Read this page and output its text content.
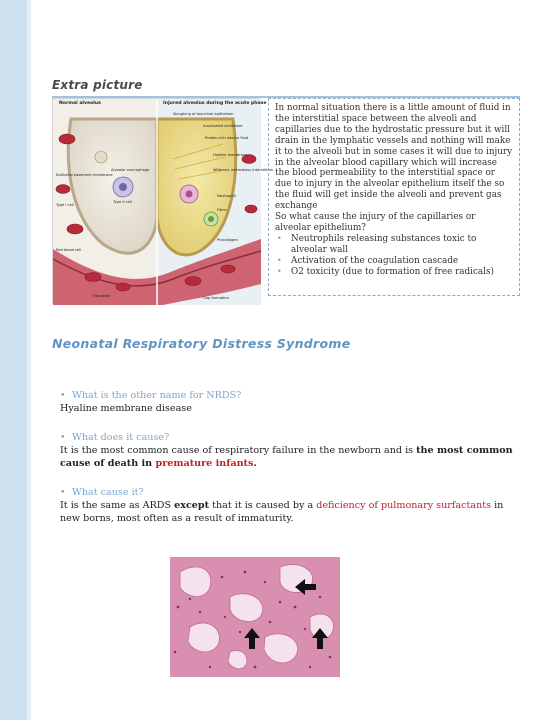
Extra picture
Normal alveolus	Injured alveolus during the acute phase
Epithelial basement membrane
Type I cell
Type II cell
Alveolar macrophage
Red blood cell
Fibroblast
Sloughing of bronchial epithelium
Inactivated surfactant
Protein-rich edema fluid
Hyaline membrane
Widened, edematous interstitium
Neutrophil
Fibrin
Procollagen
Gap formation

In normal situation there is a little amount of fluid in the interstitial space between the alveoli and capillaries due to the hydrostatic pressure but it will drain in the lymphatic vessels and nothing will make it to the alveoli but in some cases it will due to injury in the alveolar blood capillary which will increase the blood permeability to the interstitial space or due to injury in the alveolar epithelium itself the so the fluid will get inside the alveoli and prevent gas exchange

So what cause the injury of the capillaries or alveolar epithelium?

• Neutrophils releasing substances toxic to alveolar wall
• Activation of the coagulation cascade
• O2 toxicity (due to formation of free radicals)
Neonatal Respiratory Distress Syndrome
• What is the other name for NRDS?
Hyaline membrane disease
• What does it cause?
It is the most common cause of respiratory failure in the newborn and is the most common cause of death in premature infants.
• What cause it?
It is the same as ARDS except that it is caused by a deficiency of pulmonary surfactants in new borns, most often as a result of immaturity.
